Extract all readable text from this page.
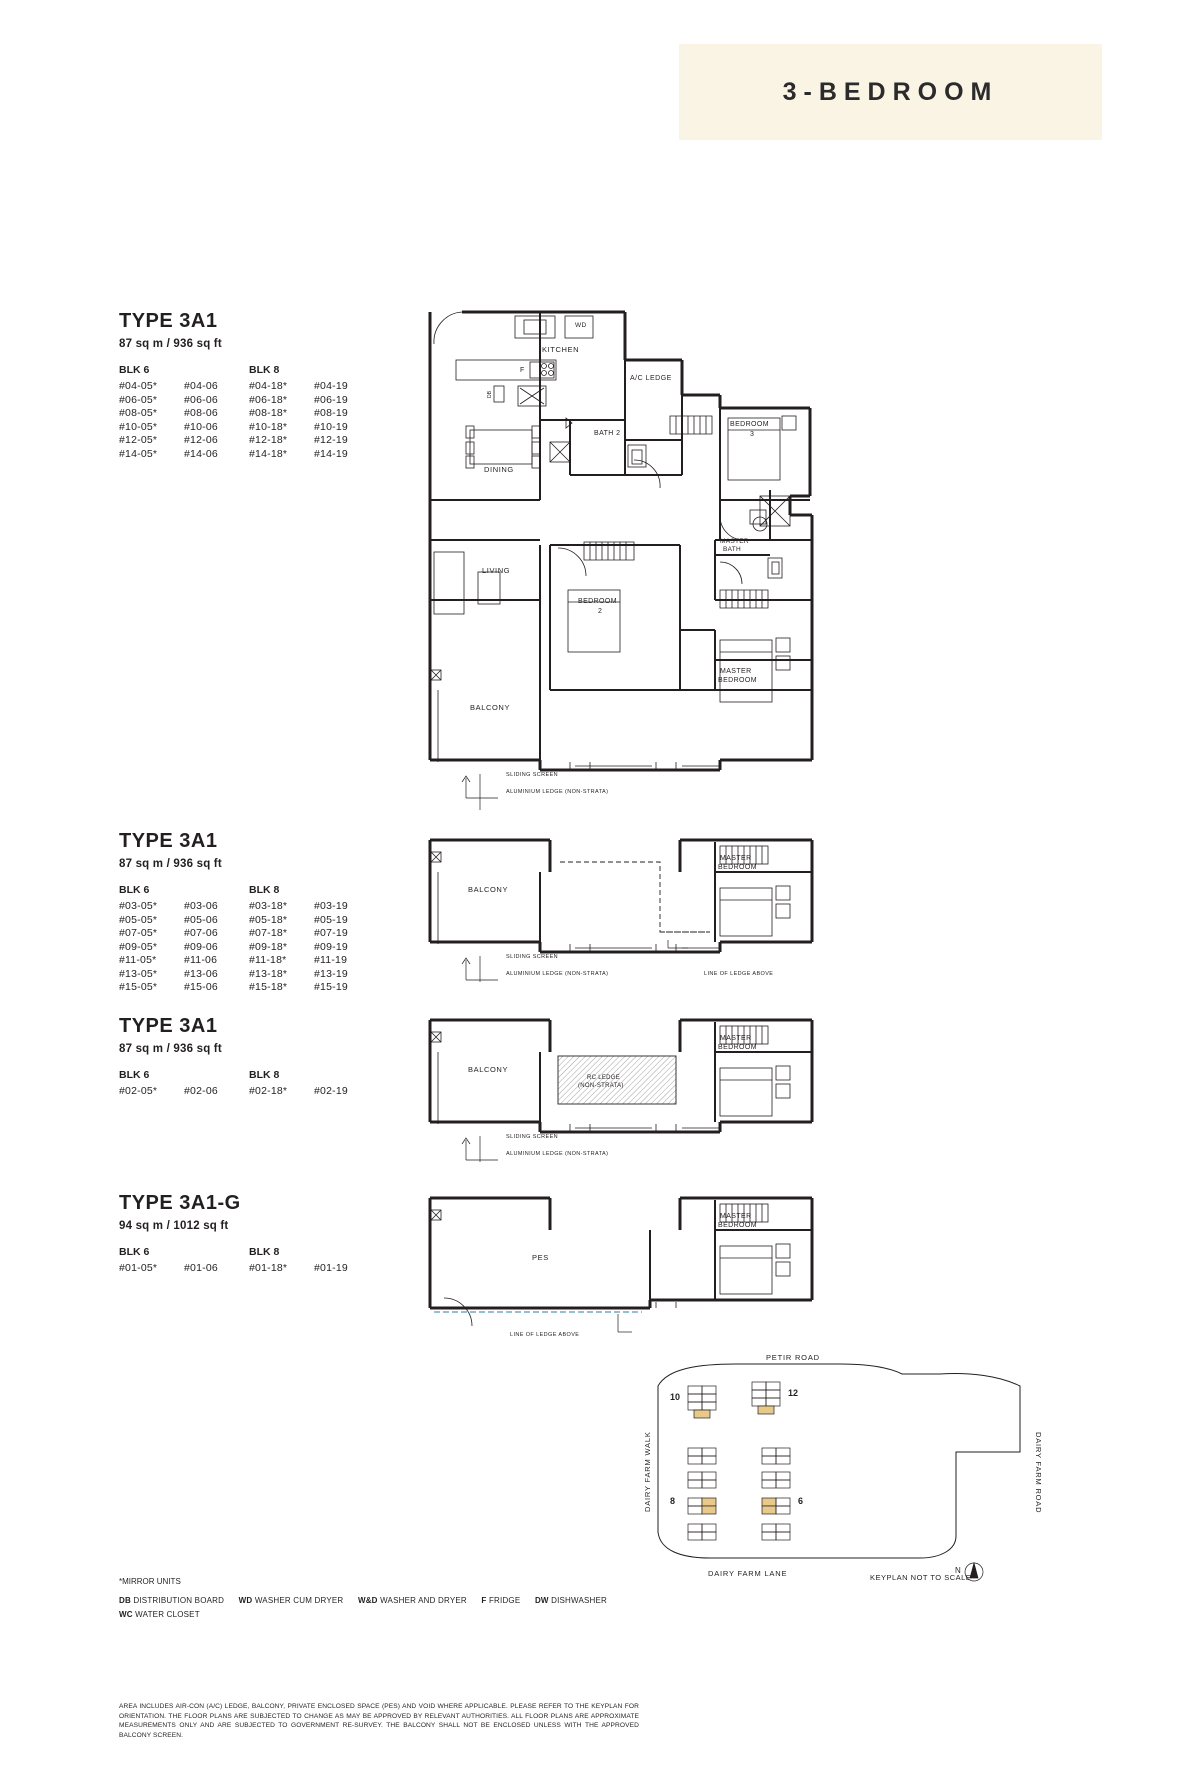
3-BEDROOM
TYPE 3A1
87 sq m / 936 sq ft
BLK 6	BLK 8
#04-05*	#04-06	#04-18*	#04-19
#06-05*	#06-06	#06-18*	#06-19
#08-05*	#08-06	#08-18*	#08-19
#10-05*	#10-06	#10-18*	#10-19
#12-05*	#12-06	#12-18*	#12-19
#14-05*	#14-06	#14-18*	#14-19
TYPE 3A1
87 sq m / 936 sq ft
BLK 6	BLK 8
#03-05*	#03-06	#03-18*	#03-19
#05-05*	#05-06	#05-18*	#05-19
#07-05*	#07-06	#07-18*	#07-19
#09-05*	#09-06	#09-18*	#09-19
#11-05*	#11-06	#11-18*	#11-19
#13-05*	#13-06	#13-18*	#13-19
#15-05*	#15-06	#15-18*	#15-19
TYPE 3A1
87 sq m / 936 sq ft
BLK 6	BLK 8
#02-05*	#02-06	#02-18*	#02-19
TYPE 3A1-G
94 sq m / 1012 sq ft
BLK 6	BLK 8
#01-05*	#01-06	#01-18*	#01-19
KITCHEN
WD
A/C LEDGE
F
DB
BATH 2
DINING
LIVING
BEDROOM
3
BEDROOM
2
MASTER
BATH
MASTER
BEDROOM
BALCONY
SLIDING SCREEN
ALUMINIUM LEDGE (NON-STRATA)
BALCONY
MASTER
BEDROOM
SLIDING SCREEN
ALUMINIUM LEDGE (NON-STRATA)	LINE OF LEDGE ABOVE
BALCONY
RC LEDGE
(NON-STRATA)
MASTER
BEDROOM
SLIDING SCREEN
ALUMINIUM LEDGE (NON-STRATA)
PES
MASTER
BEDROOM
LINE OF LEDGE ABOVE
*MIRROR UNITS
DB DISTRIBUTION BOARD WD WASHER CUM DRYER W&D WASHER AND DRYER F FRIDGE DW DISHWASHER
WC WATER CLOSET
AREA INCLUDES AIR-CON (A/C) LEDGE, BALCONY, PRIVATE ENCLOSED SPACE (PES) AND VOID WHERE APPLICABLE. PLEASE REFER TO THE KEYPLAN FOR ORIENTATION. THE FLOOR PLANS ARE SUBJECTED TO CHANGE AS MAY BE APPROVED BY RELEVANT AUTHORITIES. ALL FLOOR PLANS ARE APPROXIMATE MEASUREMENTS ONLY AND ARE SUBJECTED TO GOVERNMENT RE-SURVEY. THE BALCONY SHALL NOT BE ENCLOSED UNLESS WITH THE APPROVED BALCONY SCREEN.
PETIR ROAD
10	12
8	6
DAIRY FARM LANE	N
KEYPLAN NOT TO SCALE
DAIRY FARM WALK	DAIRY FARM ROAD
